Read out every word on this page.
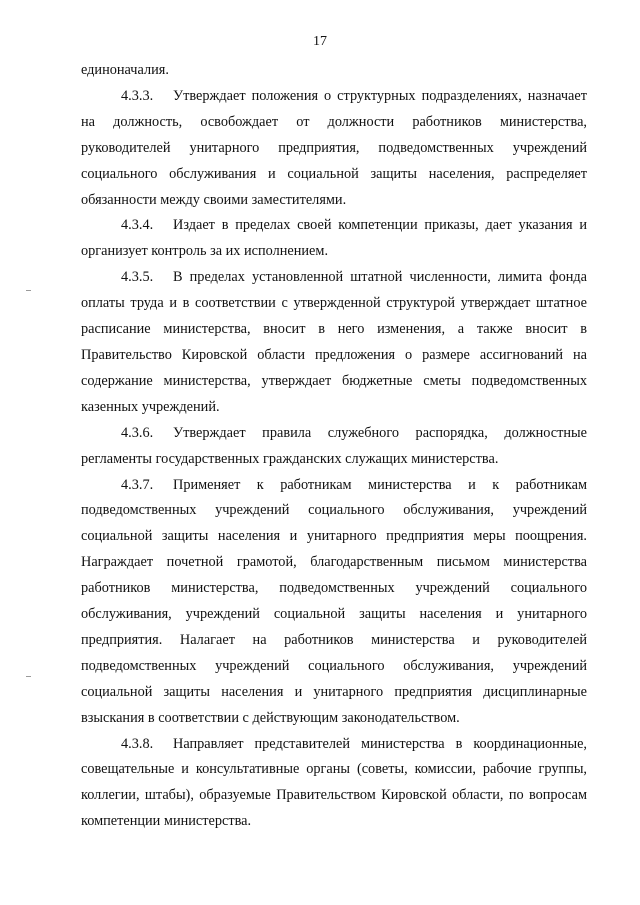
17

единоначалия.

4.3.3. Утверждает положения о структурных подразделениях, назначает на должность, освобождает от должности работников министерства, руководителей унитарного предприятия, подведомственных учреждений социального обслуживания и социальной защиты населения, распределяет обязанности между своими заместителями.

4.3.4. Издает в пределах своей компетенции приказы, дает указания и организует контроль за их исполнением.

4.3.5. В пределах установленной штатной численности, лимита фонда оплаты труда и в соответствии с утвержденной структурой утверждает штатное расписание министерства, вносит в него изменения, а также вносит в Правительство Кировской области предложения о размере ассигнований на содержание министерства, утверждает бюджетные сметы подведомственных казенных учреждений.

4.3.6. Утверждает правила служебного распорядка, должностные регламенты государственных гражданских служащих министерства.

4.3.7. Применяет к работникам министерства и к работникам подведомственных учреждений социального обслуживания, учреждений социальной защиты населения и унитарного предприятия меры поощрения. Награждает почетной грамотой, благодарственным письмом министерства работников министерства, подведомственных учреждений социального обслуживания, учреждений социальной защиты населения и унитарного предприятия. Налагает на работников министерства и руководителей подведомственных учреждений социального обслуживания, учреждений социальной защиты населения и унитарного предприятия дисциплинарные взыскания в соответствии с действующим законодательством.

4.3.8. Направляет представителей министерства в координационные, совещательные и консультативные органы (советы, комиссии, рабочие группы, коллегии, штабы), образуемые Правительством Кировской области, по вопросам компетенции министерства.
